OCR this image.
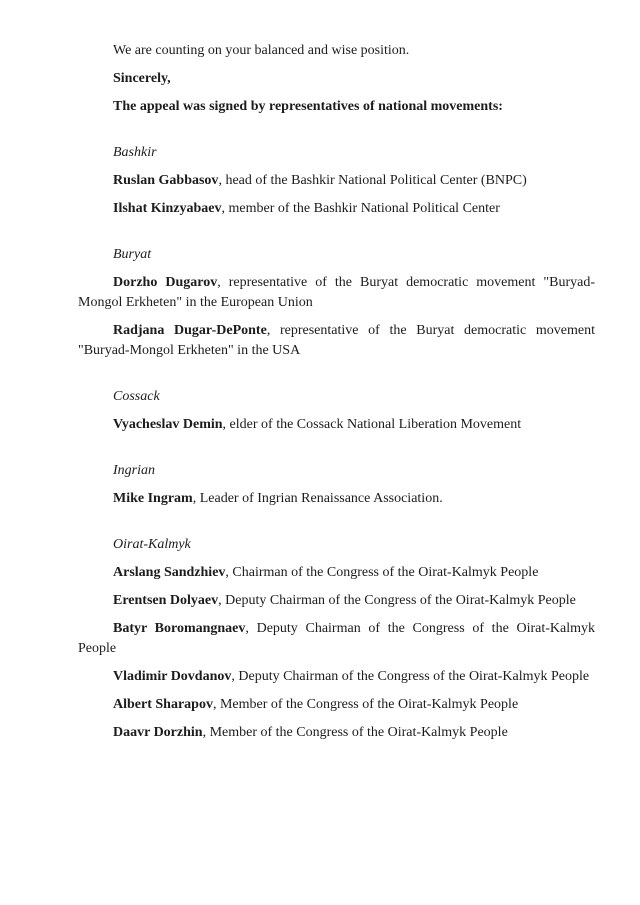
We are counting on your balanced and wise position.

Sincerely,

The appeal was signed by representatives of national movements:

Bashkir

Ruslan Gabbasov, head of the Bashkir National Political Center (BNPC)

Ilshat Kinzyabaev, member of the Bashkir National Political Center

Buryat

Dorzho Dugarov, representative of the Buryat democratic movement "Buryad-Mongol Erkheten" in the European Union

Radjana Dugar-DePonte, representative of the Buryat democratic movement "Buryad-Mongol Erkheten" in the USA

Cossack

Vyacheslav Demin, elder of the Cossack National Liberation Movement

Ingrian

Mike Ingram, Leader of Ingrian Renaissance Association.

Oirat-Kalmyk

Arslang Sandzhiev, Chairman of the Congress of the Oirat-Kalmyk People

Erentsen Dolyaev, Deputy Chairman of the Congress of the Oirat-Kalmyk People

Batyr Boromangnaev, Deputy Chairman of the Congress of the Oirat-Kalmyk People

Vladimir Dovdanov, Deputy Chairman of the Congress of the Oirat-Kalmyk People

Albert Sharapov, Member of the Congress of the Oirat-Kalmyk People

Daavr Dorzhin, Member of the Congress of the Oirat-Kalmyk People
